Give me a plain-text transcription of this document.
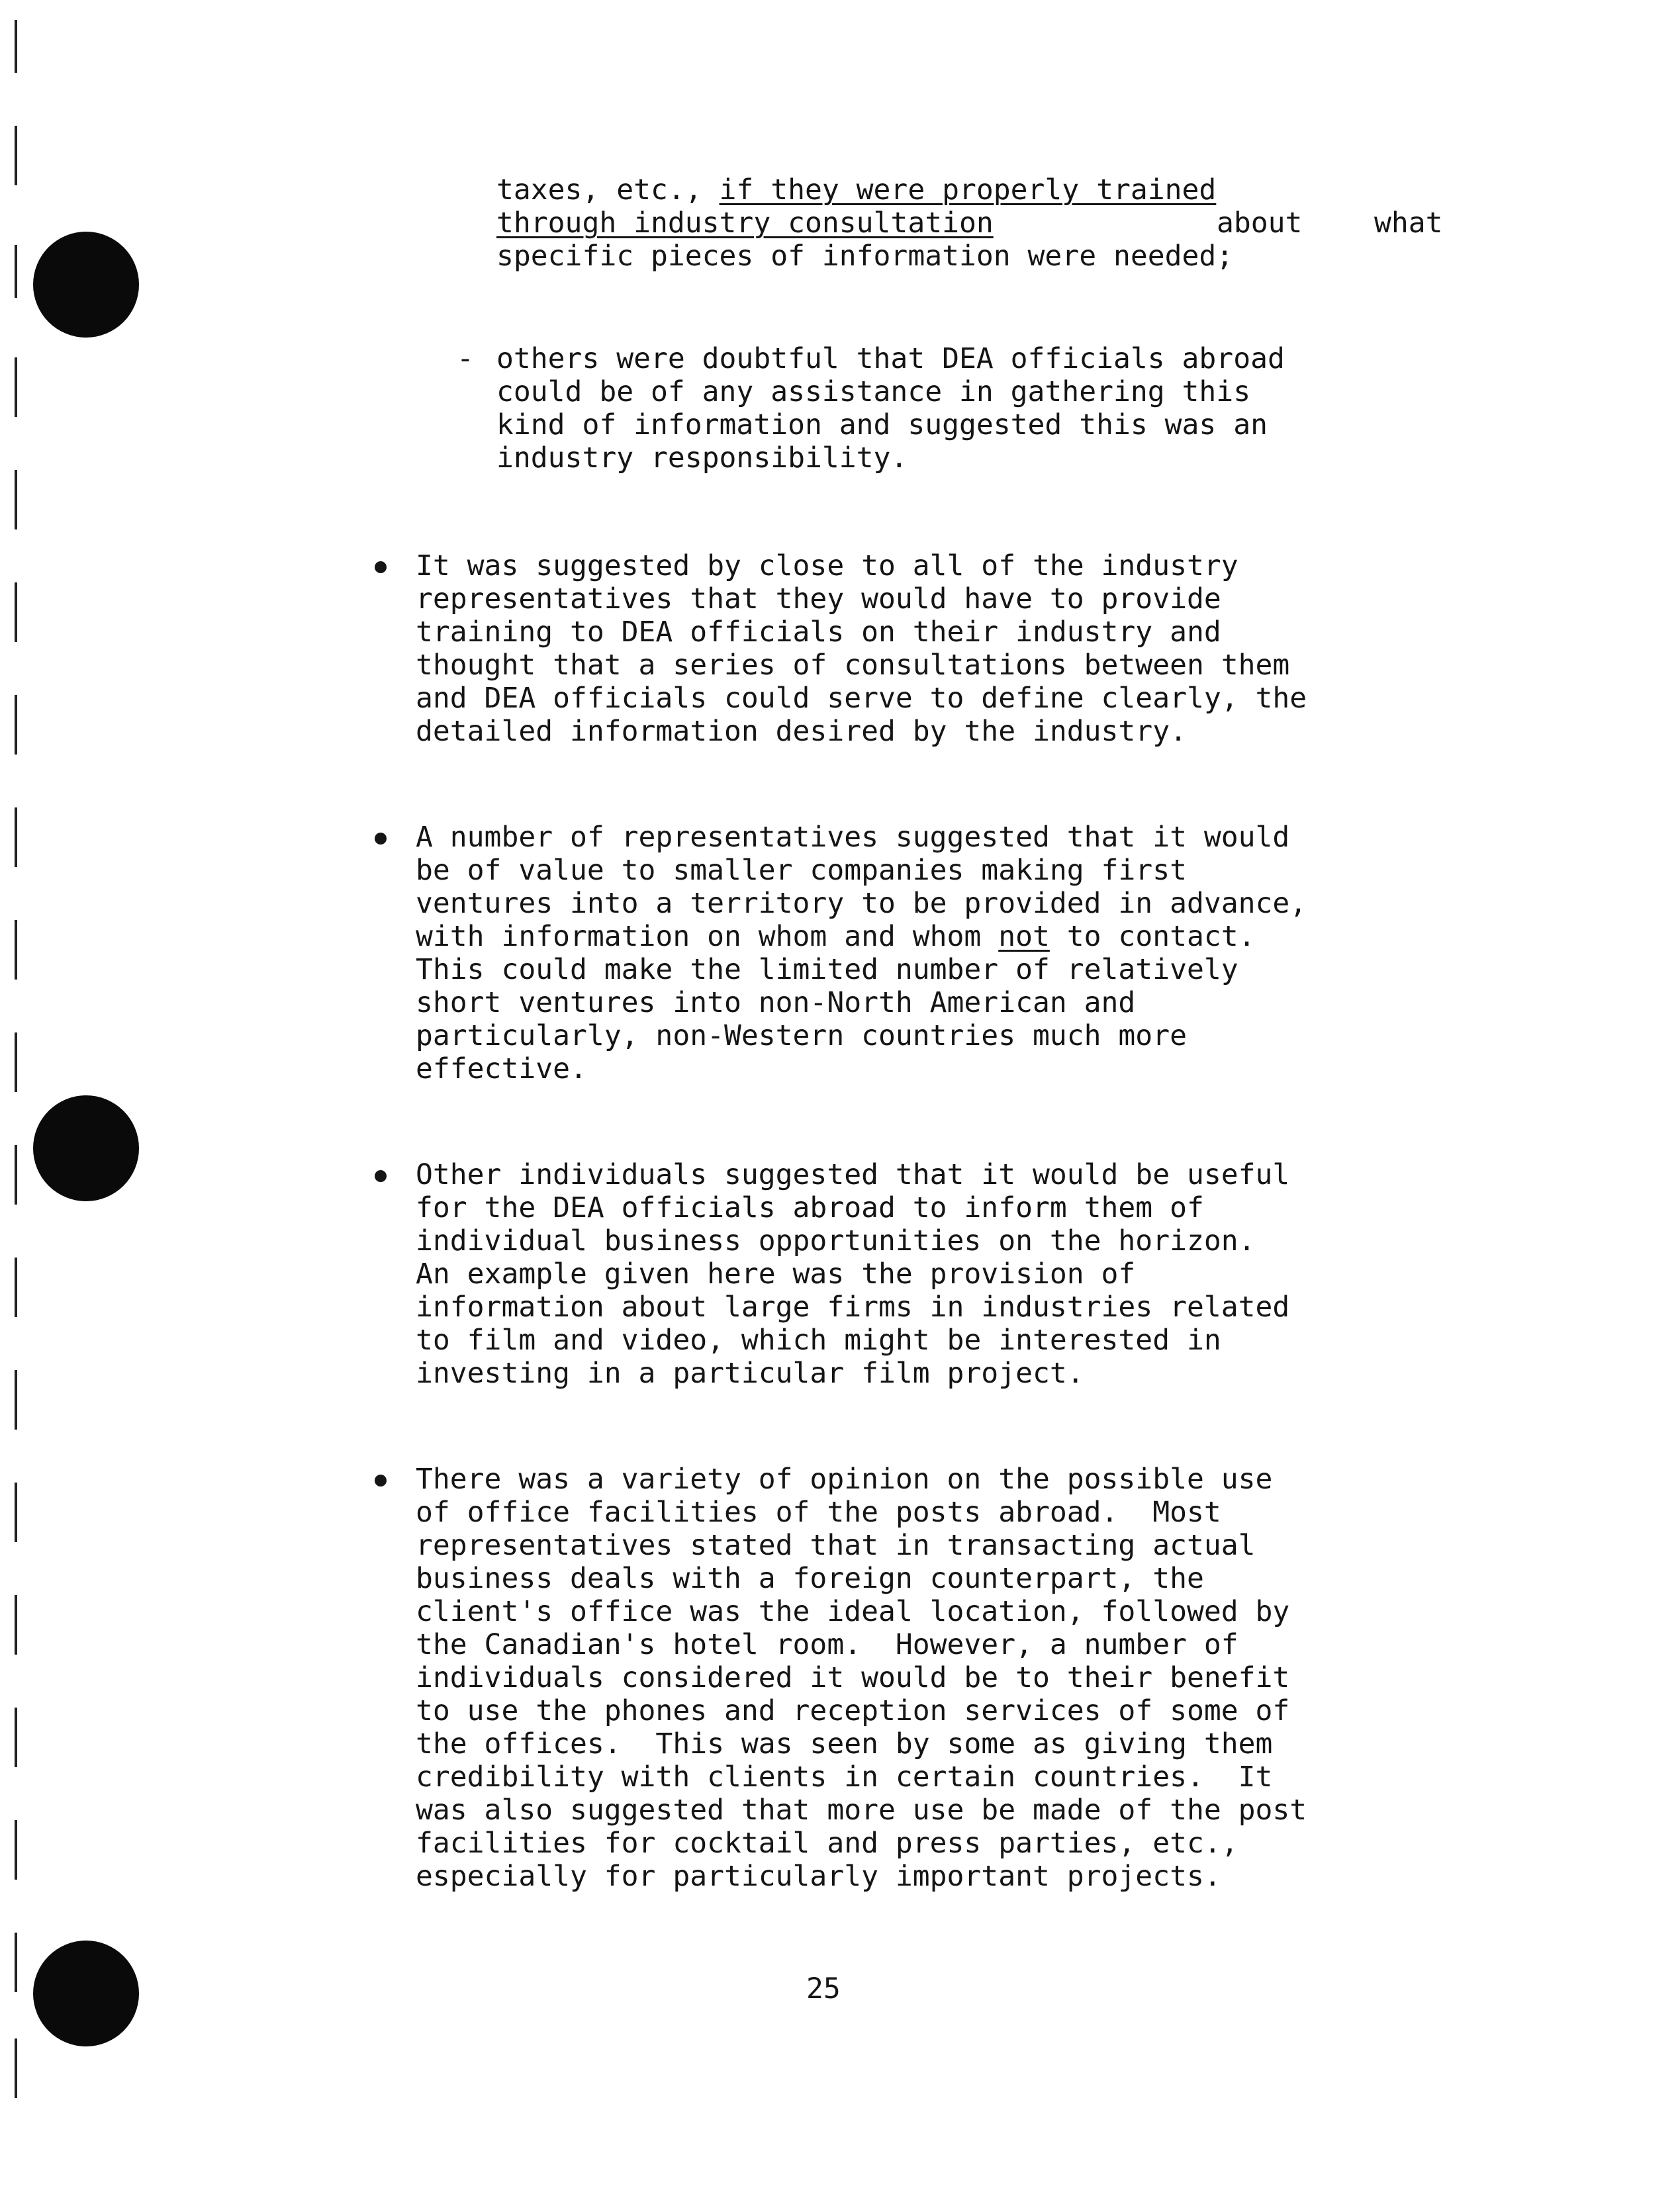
taxes, etc., if they were properly trained

through industry consultation

	about

	what

specific pieces of information were needed;

-

others were doubtful that DEA officials abroad
could be of any assistance in gathering this
kind of information and suggested this was an
industry responsibility.
It was suggested by close to all of the industry
representatives that they would have to provide
training to DEA officials on their industry and
thought that a series of consultations between them
and DEA officials could serve to define clearly, the
detailed information desired by the industry.
A number of representatives suggested that it would
be of value to smaller companies making first
ventures into a territory to be provided in advance,

with information on whom and whom not to contact.

This could make the limited number of relatively
short ventures into non-North American and
particularly, non-Western countries much more
effective.
Other individuals suggested that it would be useful
for the DEA officials abroad to inform them of
individual business opportunities on the horizon.
An example given here was the provision of
information about large firms in industries related
to film and video, which might be interested in
investing in a particular film project.
There was a variety of opinion on the possible use
of office facilities of the posts abroad.  Most
representatives stated that in transacting actual
business deals with a foreign counterpart, the
client's office was the ideal location, followed by
the Canadian's hotel room.  However, a number of
individuals considered it would be to their benefit
to use the phones and reception services of some of
the offices.  This was seen by some as giving them
credibility with clients in certain countries.  It
was also suggested that more use be made of the post
facilities for cocktail and press parties, etc.,
especially for particularly important projects.
25
